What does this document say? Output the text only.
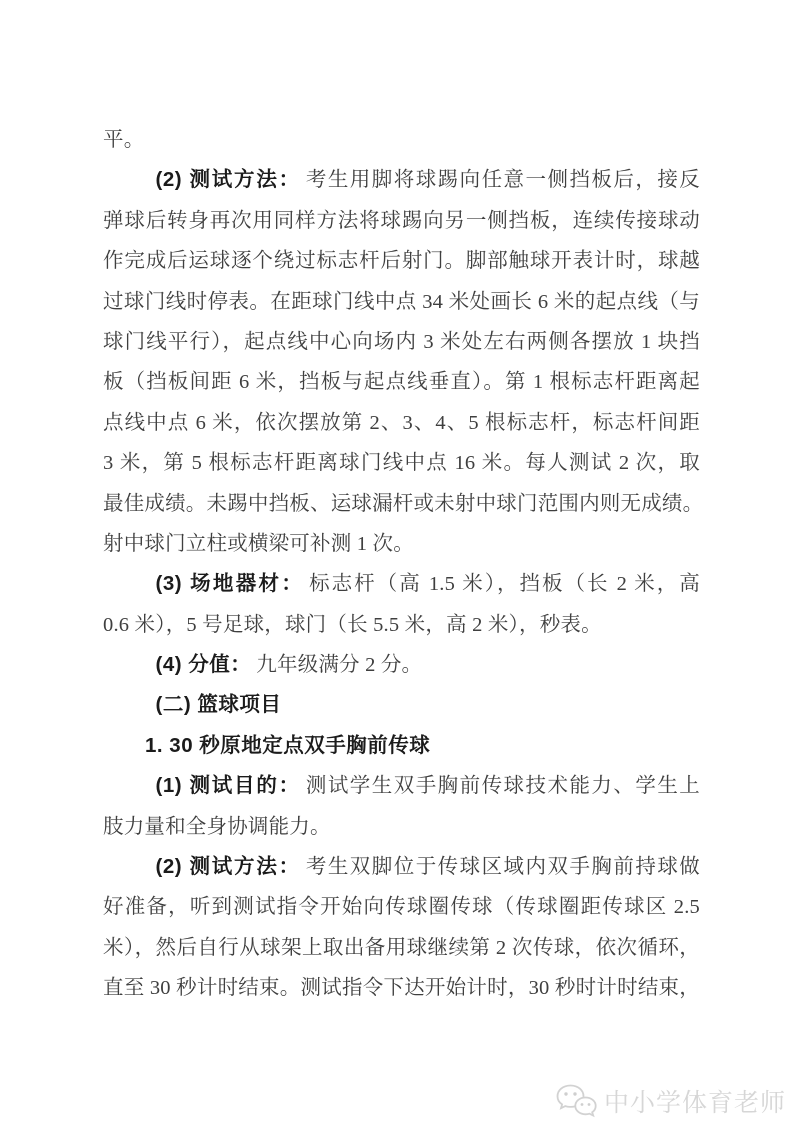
平。
(2) 测试方法： 考生用脚将球踢向任意一侧挡板后，接反
弹球后转身再次用同样方法将球踢向另一侧挡板，连续传接球动
作完成后运球逐个绕过标志杆后射门。脚部触球开表计时，球越
过球门线时停表。在距球门线中点 34 米处画长 6 米的起点线（与
球门线平行），起点线中心向场内 3 米处左右两侧各摆放 1 块挡
板（挡板间距 6 米，挡板与起点线垂直）。第 1 根标志杆距离起
点线中点 6 米，依次摆放第 2、3、4、5 根标志杆，标志杆间距
3 米，第 5 根标志杆距离球门线中点 16 米。每人测试 2 次，取
最佳成绩。未踢中挡板、运球漏杆或未射中球门范围内则无成绩。
射中球门立柱或横梁可补测 1 次。
(3) 场地器材： 标志杆（高 1.5 米），挡板（长 2 米，高
0.6 米），5 号足球，球门（长 5.5 米，高 2 米），秒表。
(4) 分值： 九年级满分 2 分。
(二) 篮球项目
1. 30 秒原地定点双手胸前传球
(1) 测试目的： 测试学生双手胸前传球技术能力、学生上
肢力量和全身协调能力。
(2) 测试方法： 考生双脚位于传球区域内双手胸前持球做
好准备，听到测试指令开始向传球圈传球（传球圈距传球区 2.5
米），然后自行从球架上取出备用球继续第 2 次传球，依次循环，
直至 30 秒计时结束。测试指令下达开始计时，30 秒时计时结束，
中小学体育老师
